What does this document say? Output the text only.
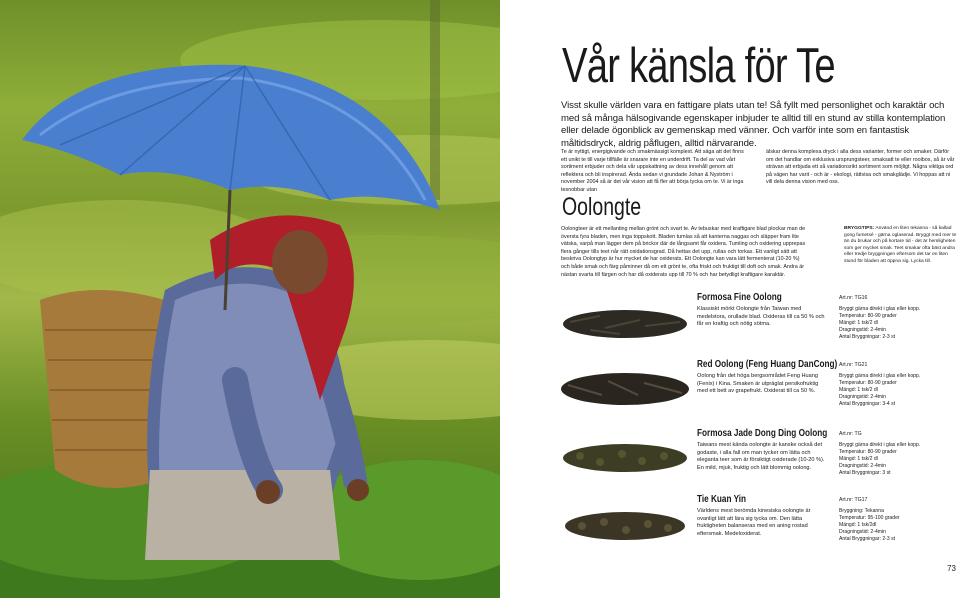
Vår känsla för Te

Visst skulle världen vara en fattigare plats utan te! Så fyllt med personlighet och karaktär och med så många hälsogivande egenskaper inbjuder te alltid till en stund av stilla kontemplation eller delade ögonblick av gemenskap med vänner. Och varför inte som en fantastisk måltidsdryck, aldrig påflugen, alltid närvarande.

Te är nyttigt, energigivande och smakmässigt komplext. Att säga att det finns ett unikt te till varje tillfälle är snarare inte en underdrift. Ta del av vad vårt sortiment erbjuder och dela vår uppskattning av dess innehåll genom att reflektera och bli inspirerad. Ända sedan vi grundade Johan & Nyström i november 2004 så är det vår vision att få fler att börja tycka om te. Vi är inga tesnobbar utan

älskar denna komplexa dryck i alla dess varianter, former och smaker. Därför om det handlar om exklusiva ursprungsteer, smaksatt te eller rooibos, så är vår strävan att erbjuda ett så variationsrikt sortiment som möjligt. Några viktiga ord på vägen har varit - och är - ekologi, rättvisa och smakglädje. Vi hoppas att ni vill dela denna vision med oss.

Oolongte

Oolongteer är ett mellanting mellan grönt och svart te. Av tebuskar med kraftigare blad plockar man de översta fyra bladen, men inga toppskott. Bladen tumlas så att kanterna naggas och släpper fram lite vätska, varpå man lägger dem på brickor där de långsamt får oxidera. Tumling och oxidering upprepas flera gånger tills teet når rätt oxidationsgrad. Då hettas det upp, rullas och torkas. Ett vanligt sätt att beskriva Oolongtyp är hur mycket de har oxiderats. Ett Oolongte kan vara lätt fermenterat (10-20 %) och både smak och färg påminner då om ett grönt te, ofta friskt och fruktigt till doft och smak. Andra är nästan svarta till färgen och har då oxiderats upp till 70 % och har betydligt kraftigare karaktär.

BRYGGTIPS: Använd en liten tekanna - så kallad gong fumetsé - gärna oglaserad. Bryggt med mer te än du brukar och på kortare tid - det är hemligheten som ger mycket smak. Teet smakar ofta bäst andra eller tredje bryggningen eftersom det tar en liten stund för bladen att öppna sig. Lycka till.

Formosa Fine Oolong

Klassiskt mörkt Oolongte från Taiwan med medelstora, orullade blad. Oxideras till ca 50 % och får en kraftig och nötig sötma.

Art.nr: TG16

Bryggt gärna direkt i glas eller kopp.
Temperatur: 80-90 grader
Mängd: 1 tsk/2 dl
Dragningstid: 2-4min
Antal Bryggningar: 2-3 st

Red Oolong (Feng Huang DanCong)

Oolong från det höga bergsområdet Feng Huang (Fenix) i Kina. Smaken är utpräglat persikofruktig med ett bett av grapefrukt. Oxiderat till ca 50 %.

Art.nr: TG21

Bryggt gärna direkt i glas eller kopp.
Temperatur: 80-90 grader
Mängd: 1 tsk/2 dl
Dragningstid: 2-4min
Antal Bryggningar: 3-4 st

Formosa Jade Dong Ding Oolong

Taiwans mest kända oolongte är kanske också det godaste, i alla fall om man tycker om lätta och eleganta teer som är försiktigt oxiderade (10-20 %). En mild, mjuk, fruktig och lätt blommig oolong.

Art.nr: TG

Bryggt gärna direkt i glas eller kopp.
Temperatur: 80-90 grader
Mängd: 1 tsk/2 dl
Dragningstid: 2-4min
Antal Bryggningar: 3 st

Tie Kuan Yin

Världens mest berömda kinesiska oolongte är ovanligt lätt att lära sig tycka om. Den lätta fruktigheten balanseras med en aning rostad eftersmak. Medeloxiderat.

Art.nr: TG17

Bryggning: Tekanna
Temperatur: 95-100 grader
Mängd: 1 tsk/2dl
Dragningstid: 2-4min
Antal Bryggningar: 2-3 st
73
